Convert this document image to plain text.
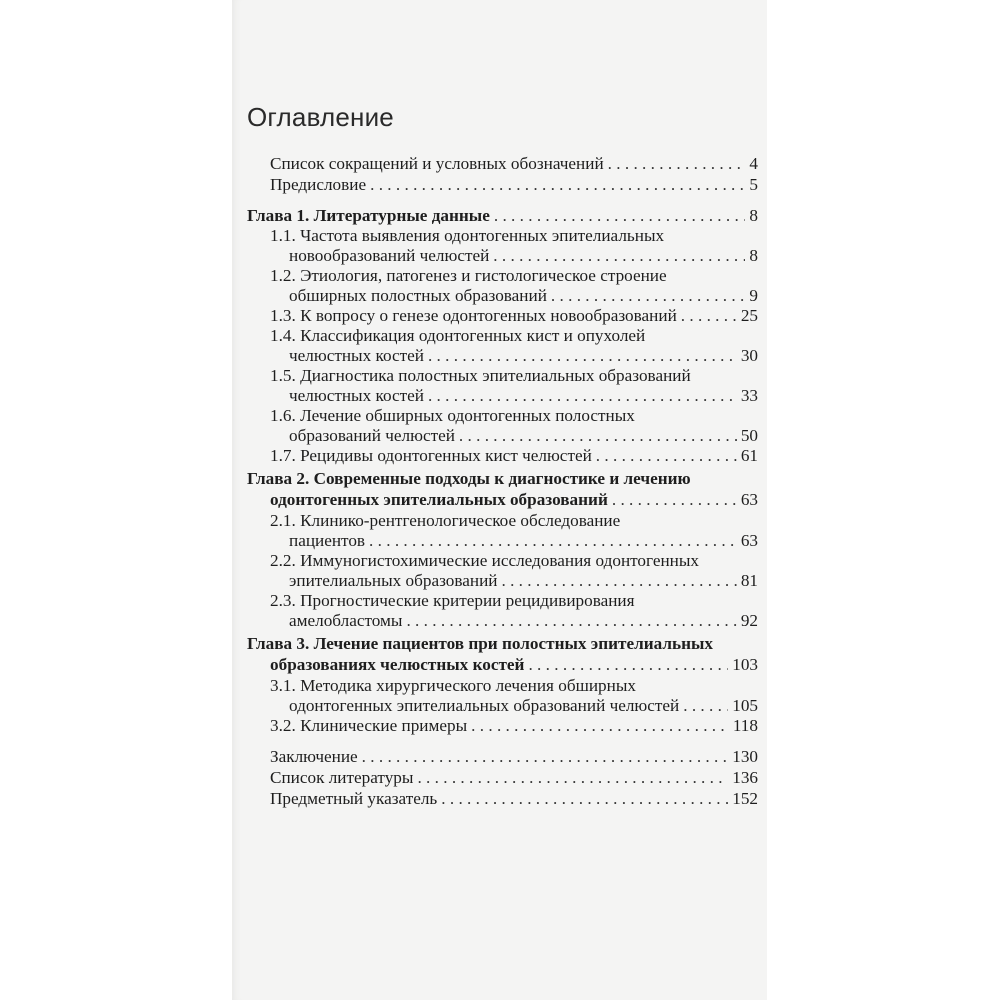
Оглавление
Список сокращений и условных обозначений . . .	4
Предисловие . . .	5
Глава 1. Литературные данные . . .	8
1.1. Частота выявления одонтогенных эпителиальных
новообразований челюстей . . .	8
1.2. Этиология, патогенез и гистологическое строение
обширных полостных образований . . .	9
1.3. К вопросу о генезе одонтогенных новообразований . . .	25
1.4. Классификация одонтогенных кист и опухолей
челюстных костей . . .	30
1.5. Диагностика полостных эпителиальных образований
челюстных костей . . .	33
1.6. Лечение обширных одонтогенных полостных
образований челюстей . . .	50
1.7. Рецидивы одонтогенных кист челюстей . . .	61
Глава 2. Современные подходы к диагностике и лечению
одонтогенных эпителиальных образований . . .	63
2.1. Клинико-рентгенологическое обследование
пациентов . . .	63
2.2. Иммуногистохимические исследования одонтогенных
эпителиальных образований . . .	81
2.3. Прогностические критерии рецидивирования
амелобластомы . . .	92
Глава 3. Лечение пациентов при полостных эпителиальных
образованиях челюстных костей . . .	103
3.1. Методика хирургического лечения обширных
одонтогенных эпителиальных образований челюстей . . .	105
3.2. Клинические примеры . . .	118
Заключение . . .	130
Список литературы . . .	136
Предметный указатель . . .	152
